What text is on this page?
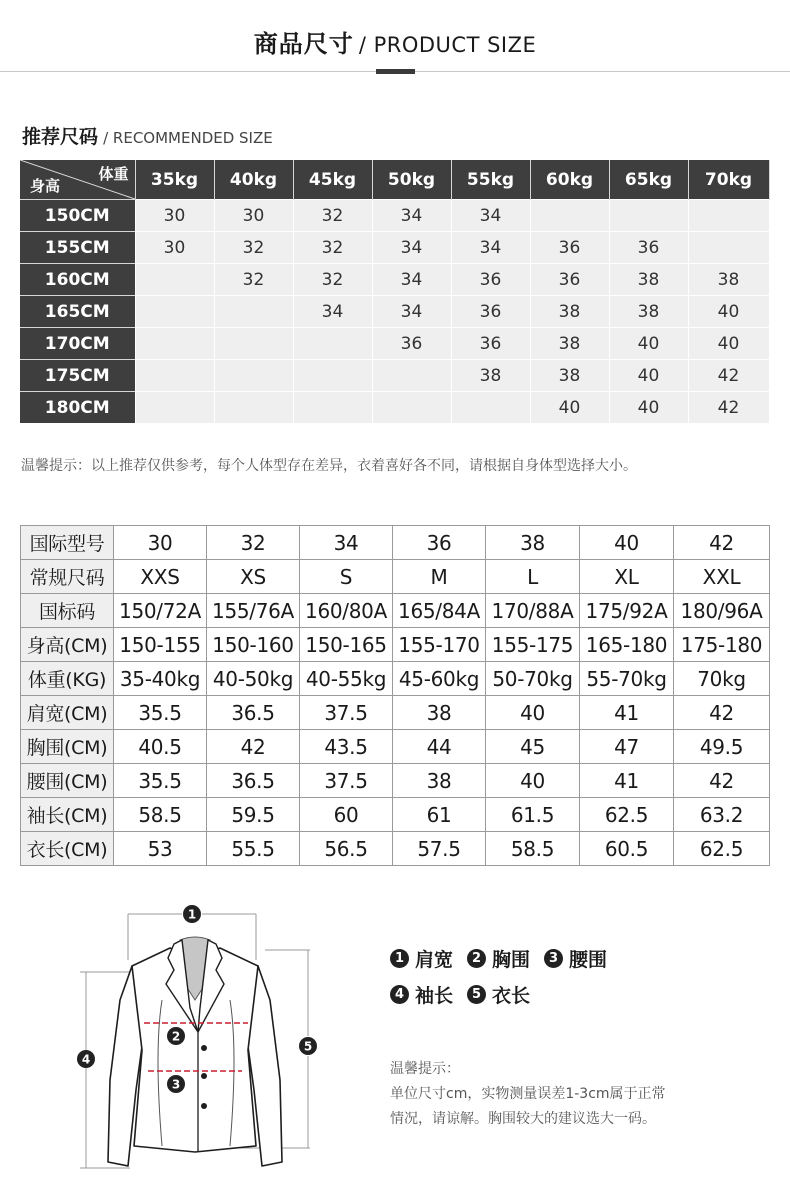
商品尺寸 / PRODUCT SIZE
推荐尺码 / RECOMMENDED SIZE
体重
身高	35kg	40kg	45kg	50kg	55kg	60kg	65kg	70kg
150CM	30	30	32	34	34			
155CM	30	32	32	34	34	36	36	
160CM		32	32	34	36	36	38	38
165CM			34	34	36	38	38	40
170CM				36	36	38	40	40
175CM					38	38	40	42
180CM						40	40	42
温馨提示：以上推荐仅供参考，每个人体型存在差异，衣着喜好各不同，请根据自身体型选择大小。
国际型号	30	32	34	36	38	40	42
常规尺码	XXS	XS	S	M	L	XL	XXL
国标码	150/72A	155/76A	160/80A	165/84A	170/88A	175/92A	180/96A
身高(CM)	150-155	150-160	150-165	155-170	155-175	165-180	175-180
体重(KG)	35-40kg	40-50kg	40-55kg	45-60kg	50-70kg	55-70kg	70kg
肩宽(CM)	35.5	36.5	37.5	38	40	41	42
胸围(CM)	40.5	42	43.5	44	45	47	49.5
腰围(CM)	35.5	36.5	37.5	38	40	41	42
袖长(CM)	58.5	59.5	60	61	61.5	62.5	63.2
衣长(CM)	53	55.5	56.5	57.5	58.5	60.5	62.5
1
2
3
4
5
1 肩宽	2 胸围	3 腰围
4 袖长	5 衣长
温馨提示：
单位尺寸cm，实物测量误差1-3cm属于正常
情况，请谅解。胸围较大的建议选大一码。
